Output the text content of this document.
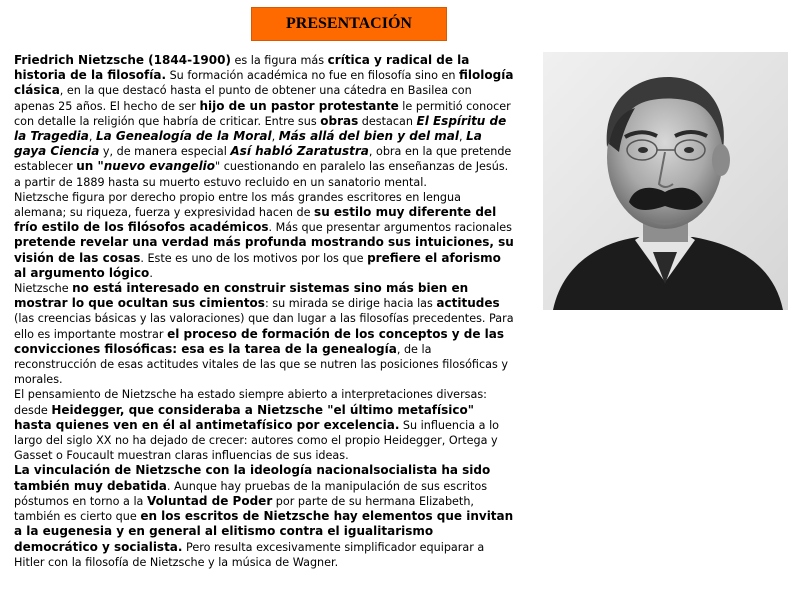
PRESENTACIÓN

Friedrich Nietzsche (1844-1900) es la figura más crítica y radical de la historia de la filosofía. Su formación académica no fue en filosofía sino en filología clásica, en la que destacó hasta el punto de obtener una cátedra en Basilea con apenas 25 años. El hecho de ser hijo de un pastor protestante le permitió conocer con detalle la religión que habría de criticar. Entre sus obras destacan El Espíritu de la Tragedia, La Genealogía de la Moral, Más allá del bien y del mal, La gaya Ciencia y, de manera especial Así habló Zaratustra, obra en la que pretende establecer un "nuevo evangelio" cuestionando en paralelo las enseñanzas de Jesús. a partir de 1889 hasta su muerto estuvo recluido en un sanatorio mental.

Nietzsche figura por derecho propio entre los más grandes escritores en lengua alemana; su riqueza, fuerza y expresividad hacen de su estilo muy diferente del frío estilo de los filósofos académicos. Más que presentar argumentos racionales pretende revelar una verdad más profunda mostrando sus intuiciones, su visión de las cosas. Este es uno de los motivos por los que prefiere el aforismo al argumento lógico.

Nietzsche no está interesado en construir sistemas sino más bien en mostrar lo que ocultan sus cimientos: su mirada se dirige hacia las actitudes (las creencias básicas y las valoraciones) que dan lugar a las filosofías precedentes. Para ello es importante mostrar el proceso de formación de los conceptos y de las convicciones filosóficas: esa es la tarea de la genealogía, de la reconstrucción de esas actitudes vitales de las que se nutren las posiciones filosóficas y morales.

El pensamiento de Nietzsche ha estado siempre abierto a interpretaciones diversas: desde Heidegger, que consideraba a Nietzsche "el último metafísico" hasta quienes ven en él al antimetafísico por excelencia. Su influencia a lo largo del siglo XX no ha dejado de crecer: autores como el propio Heidegger, Ortega y Gasset o Foucault muestran claras influencias de sus ideas.

La vinculación de Nietzsche con la ideología nacionalsocialista ha sido también muy debatida. Aunque hay pruebas de la manipulación de sus escritos póstumos en torno a la Voluntad de Poder por parte de su hermana Elizabeth, también es cierto que en los escritos de Nietzsche hay elementos que invitan a la eugenesia y en general al elitismo contra el igualitarismo democrático y socialista. Pero resulta excesivamente simplificador equiparar a Hitler con la filosofía de Nietzsche y la música de Wagner.
